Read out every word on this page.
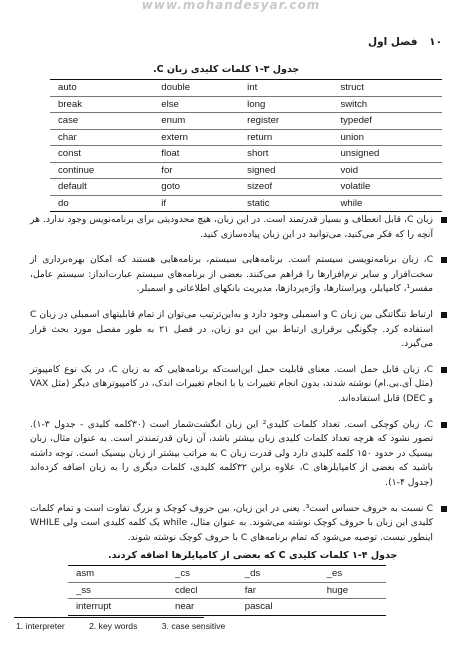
www.mohandesyar.com
۱۰ فصل اول
جدول ۳-۱ کلمات کلیدی زبان C.
auto	double	int	struct
break	else	long	switch
case	enum	register	typedef
char	extern	return	union
const	float	short	unsigned
continue	for	signed	void
default	goto	sizeof	volatile
do	if	static	while
زبان C، قابل انعطاف و بسیار قدرتمند است. در این زبان، هیچ محدودیتی برای برنامه‌نویس وجود ندارد. هر آنچه را که فکر می‌کنید، می‌توانید در این زبان پیاده‌سازی کنید.
C، زبان برنامه‌نویسی سیستم است. برنامه‌هایی سیستم، برنامه‌هایی هستند که امکان بهره‌برداری از سخت‌افزار و سایر نرم‌افزارها را فراهم می‌کنند. بعضی از برنامه‌های سیستم عبارت‌انداز: سیستم عامل، مفسر¹، کامپایلر، ویراستارها، واژه‌پردازها، مدیریت بانکهای اطلاعاتی و اسمبلر.
ارتباط تنگاتنگی بین زبان C و اسمبلی وجود دارد و به‌این‌ترتیب می‌توان از تمام قابلیتهای اسمبلی در زبان C استفاده کرد. چگونگی برقراری ارتباط بین این دو زبان، در فصل ۲۱ به طور مفصل مورد بحث قرار می‌گیرد.
C، زبان قابل حمل است. معنای قابلیت حمل این‌است‌که برنامه‌هایی که به زبان C، در یک نوع کامپیوتر (مثل آی.بی.ام) نوشته شدند، بدون انجام تغییرات یا با انجام تغییرات اندک، در کامپیوترهای دیگر (مثل VAX و DEC) قابل استفاده‌اند.
C، زبان کوچکی است. تعداد کلمات کلیدی² این زبان انگشت‌شمار است (۳۰کلمه کلیدی - جدول ۳-۱). تصور نشود که هرچه تعداد کلمات کلیدی زبان بیشتر باشد، آن زبان قدرتمندتر است. به عنوان مثال، زبان بیسیک در حدود ۱۵۰ کلمه کلیدی دارد ولی قدرت زبان C به مراتب بیشتر از زبان بیسیک است. توجه داشته باشید که بعضی از کامپایلرهای C، علاوه براین ۳۲کلمه کلیدی، کلمات دیگری را به زبان اضافه کرده‌اند (جدول ۴-۱).
C نسبت به حروف حساس است³. یعنی در این زبان، بین حروف کوچک و بزرگ تفاوت است و تمام کلمات کلیدی این زبان با حروف کوچک نوشته می‌شوند. به عنوان مثال، while یک کلمه کلیدی است ولی WHILE اینطور نیست. توصیه می‌شود که تمام برنامه‌های C با حروف کوچک نوشته شوند.
جدول ۴-۱ کلمات کلیدی C که بعضی از کامپایلرها اضافه کردند.
asm	_cs	_ds	_es
_ss	cdecl	far	huge
interrupt	near	pascal	
1. interpreter	2. key words	3. case sensitive
